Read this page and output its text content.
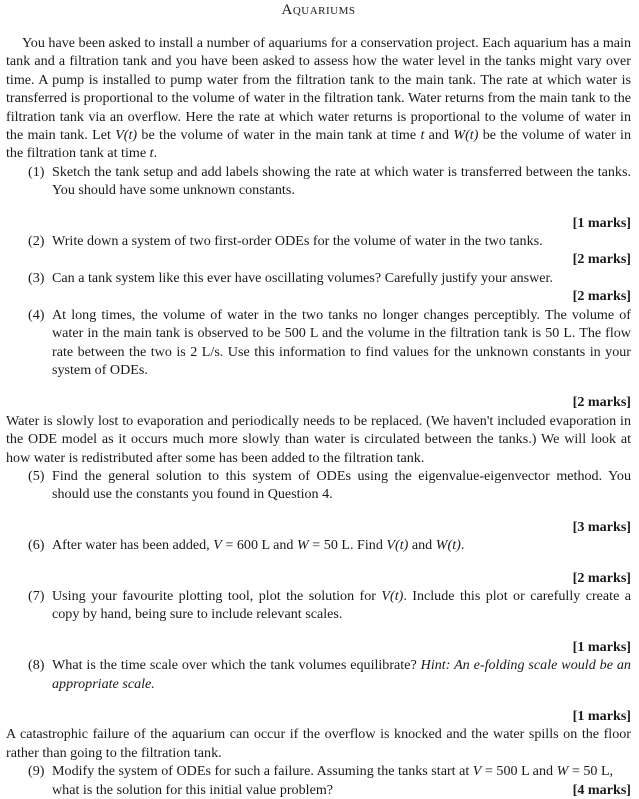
Aquariums

You have been asked to install a number of aquariums for a conservation project. Each aquarium has a main tank and a filtration tank and you have been asked to assess how the water level in the tanks might vary over time. A pump is installed to pump water from the filtration tank to the main tank. The rate at which water is transferred is proportional to the volume of water in the filtration tank. Water returns from the main tank to the filtration tank via an overflow. Here the rate at which water returns is proportional to the volume of water in the main tank. Let V(t) be the volume of water in the main tank at time t and W(t) be the volume of water in the filtration tank at time t.

(1) Sketch the tank setup and add labels showing the rate at which water is transferred between the tanks. You should have some unknown constants.

[1 marks]

(2) Write down a system of two first-order ODEs for the volume of water in the two tanks.

[2 marks]

(3) Can a tank system like this ever have oscillating volumes? Carefully justify your answer.

[2 marks]

(4) At long times, the volume of water in the two tanks no longer changes perceptibly. The volume of water in the main tank is observed to be 500 L and the volume in the filtration tank is 50 L. The flow rate between the two is 2 L/s. Use this information to find values for the unknown constants in your system of ODEs.

[2 marks]

Water is slowly lost to evaporation and periodically needs to be replaced. (We haven't included evaporation in the ODE model as it occurs much more slowly than water is circulated between the tanks.) We will look at how water is redistributed after some has been added to the filtration tank.

(5) Find the general solution to this system of ODEs using the eigenvalue-eigenvector method. You should use the constants you found in Question 4.

[3 marks]

(6) After water has been added, V = 600 L and W = 50 L. Find V(t) and W(t).

[2 marks]

(7) Using your favourite plotting tool, plot the solution for V(t). Include this plot or carefully create a copy by hand, being sure to include relevant scales.

[1 marks]

(8) What is the time scale over which the tank volumes equilibrate? Hint: An e-folding scale would be an appropriate scale.

[1 marks]

A catastrophic failure of the aquarium can occur if the overflow is knocked and the water spills on the floor rather than going to the filtration tank.

(9) Modify the system of ODEs for such a failure. Assuming the tanks start at V = 500 L and W = 50 L,

[4 marks]
what is the solution for this initial value problem?
